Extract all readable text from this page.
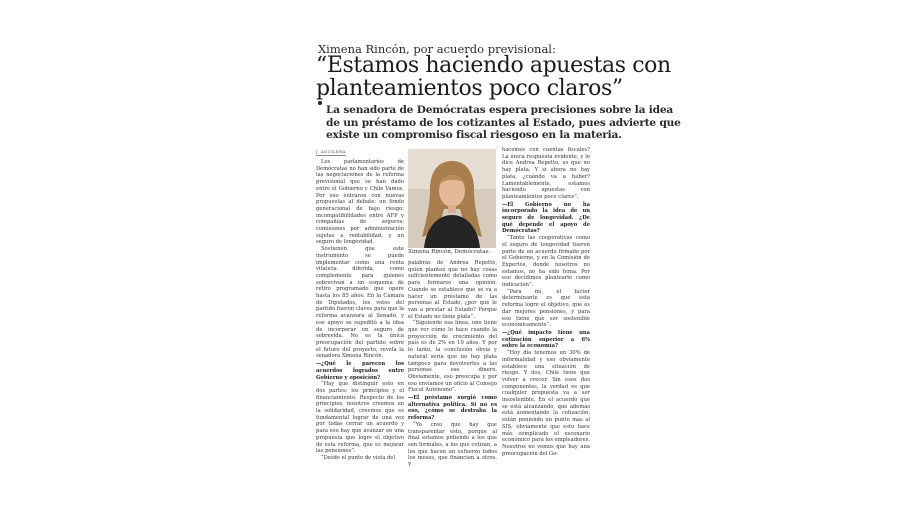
Ximena Rincón, por acuerdo previsional:
“Estamos haciendo apuestas con
planteamientos poco claros”
La senadora de Demócratas espera precisiones sobre la idea
de un préstamo de los cotizantes al Estado, pues advierte que
existe un compromiso fiscal riesgoso en la materia.
J. AGUILERA

Los parlamentarios de Demócratas no han sido parte de las negociaciones de la reforma previsional que se han dado entre el Gobierno y Chile Vamos. Por eso entraron con nuevas propuestas al debate: un fondo generacional de bajo riesgo; incompatibilidades entre AFP y compañías de seguros; comisiones por administración sujetas a rentabilidad, y un seguro de longevidad.

Sostienen que este instrumento se puede implementar como una renta vitalicia diferida, como complemento para quienes sobrevivan a un esquema de retiro programado que opere hasta los 85 años. En la Cámara de Diputados, los votos del partido fueron claves para que la reforma avanzara al Senado, y ese apoyo se supeditó a la idea de incorporar un seguro de sobrevida. No es la única preocupación del partido sobre el futuro del proyecto, revela la senadora Ximena Rincón.

—¿Qué le parecen los acuerdos logrados entre Gobierno y oposición?

“Hay que distinguir esto en dos partes: los principios y el financiamiento. Respecto de los principios, nosotros creemos en la solidaridad, creemos que es fundamental lograr de una vez por todas cerrar un acuerdo y para eso hay que avanzar en una propuesta que logre el objetivo de esta reforma, que es mejorar las pensiones”.

“Desde el punto de vista del

Ximena Rincón, Demócratas.

palabras de Andrea Repetto, quien planteó que no hay cosas suficientemente detalladas como para formarse una opinión. Cuando se establece que se va a hacer un préstamo de las personas al Estado, ¿por qué le van a prestar al Estado? Porque el Estado no tiene plata”.

“Siguiendo esa línea, uno tiene que ver cómo lo hace cuando la proyección de crecimiento del país es de 2% en 10 años. Y por lo tanto, la conclusión obvia y natural sería que no hay plata tampoco para devolverles a las personas ese dinero. Obviamente, eso preocupa y por eso enviamos un oficio al Consejo Fiscal Autónomo”.

—El préstamo surgió como alternativa política. Si no es eso, ¿cómo se destraba la reforma?

“Yo creo que hay que transparentar esto, porque al final estamos pidiendo a los que son formales, a los que cotizan, a los que hacen un esfuerzo todos los meses, que financien a otros. Y

hacemos con cuentas fiscales? La única respuesta evidente, y lo dice Andrea Repetto, es que no hay plata. Y si ahora no hay plata, ¿cuándo va a haber? Lamentablemente, estamos haciendo apuestas con planteamientos poco claros”.

—El Gobierno no ha incorporado la idea de un seguro de longevidad. ¿De qué depende el apoyo de Demócratas?

“Tanto las cooperativas como el seguro de longevidad fueron parte de un acuerdo firmado por el Gobierno, y en la Comisión de Expertos, donde nosotros no estamos, no ha sido tema. Por eso decidimos plantearlo como indicación”.

“Para mí, el factor determinante es que esta reforma logre el objetivo, que es dar mejores pensiones, y para eso tiene que ser sostenible económicamente”.

—¿Qué impacto tiene una cotización superior a 6% sobre la economía?

“Hoy día tenemos un 30% de informalidad y eso obviamente establece una situación de riesgo. Y dos, Chile tiene que volver a crecer. Sin esos dos componentes, la verdad es que cualquier propuesta va a ser insostenible. En el acuerdo que se está alcanzando, que además está aumentando la cotización, están poniendo un punto más al SIS; obviamente que esto hace más complicado el escenario económico para los empleadores. Nosotros no vemos que hay una preocupación del Go-
